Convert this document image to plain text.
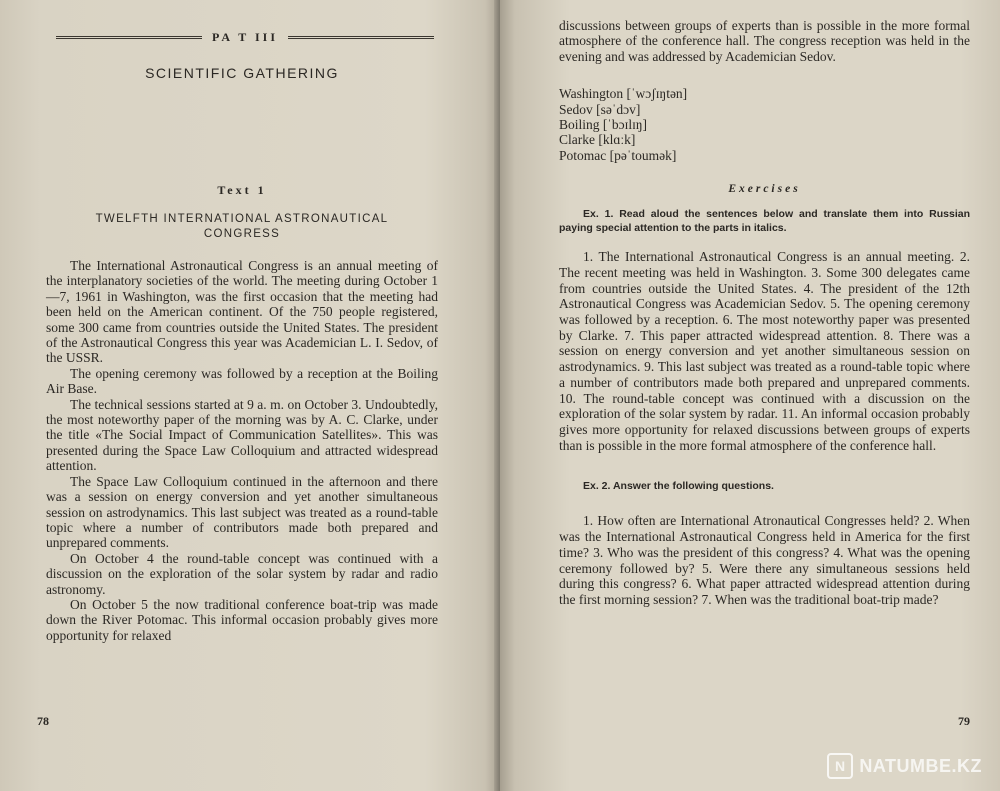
PA T III
SCIENTIFIC GATHERING
Text 1
TWELFTH INTERNATIONAL ASTRONAUTICAL CONGRESS

The International Astronautical Congress is an annual meeting of the interplanatory societies of the world. The meeting during October 1—7, 1961 in Washington, was the first occasion that the meeting had been held on the American continent. Of the 750 people registered, some 300 came from countries outside the United States. The president of the Astronautical Congress this year was Academician L. I. Sedov, of the USSR.

The opening ceremony was followed by a reception at the Boiling Air Base.

The technical sessions started at 9 a. m. on October 3. Undoubtedly, the most noteworthy paper of the morning was by A. C. Clarke, under the title «The Social Impact of Communication Satellites». This was presented during the Space Law Colloquium and attracted widespread attention.

The Space Law Colloquium continued in the afternoon and there was a session on energy conversion and yet another simultaneous session on astrodynamics. This last subject was treated as a round-table topic where a number of contributors made both prepared and unprepared comments.

On October 4 the round-table concept was continued with a discussion on the exploration of the solar system by radar and radio astronomy.

On October 5 the now traditional conference boat-trip was made down the River Potomac. This informal occasion probably gives more opportunity for relaxed

78

discussions between groups of experts than is possible in the more formal atmosphere of the conference hall. The congress reception was held in the evening and was addressed by Academician Sedov.

Washington [ˈwɔʃɪŋtən]
Sedov [səˈdɔv]
Boiling [ˈbɔɪlɪŋ]
Clarke [klɑːk]
Potomac [pəˈtoumək]
Exercises
Ex. 1. Read aloud the sentences below and translate them into Russian paying special attention to the parts in italics.

1. The International Astronautical Congress is an annual meeting. 2. The recent meeting was held in Washington. 3. Some 300 delegates came from countries outside the United States. 4. The president of the 12th Astronautical Congress was Academician Sedov. 5. The opening ceremony was followed by a reception. 6. The most noteworthy paper was presented by Clarke. 7. This paper attracted widespread attention. 8. There was a session on energy conversion and yet another simultaneous session on astrodynamics. 9. This last subject was treated as a round-table topic where a number of contributors made both prepared and unprepared comments. 10. The round-table concept was continued with a discussion on the exploration of the solar system by radar. 11. An informal occasion probably gives more opportunity for relaxed discussions between groups of experts than is possible in the more formal atmosphere of the conference hall.

Ex. 2. Answer the following questions.

1. How often are International Atronautical Congresses held? 2. When was the International Astronautical Congress held in America for the first time? 3. Who was the president of this congress? 4. What was the opening ceremony followed by? 5. Were there any simultaneous sessions held during this congress? 6. What paper attracted widespread attention during the first morning session? 7. When was the traditional boat-trip made?

79
N NATUMBE.KZ
